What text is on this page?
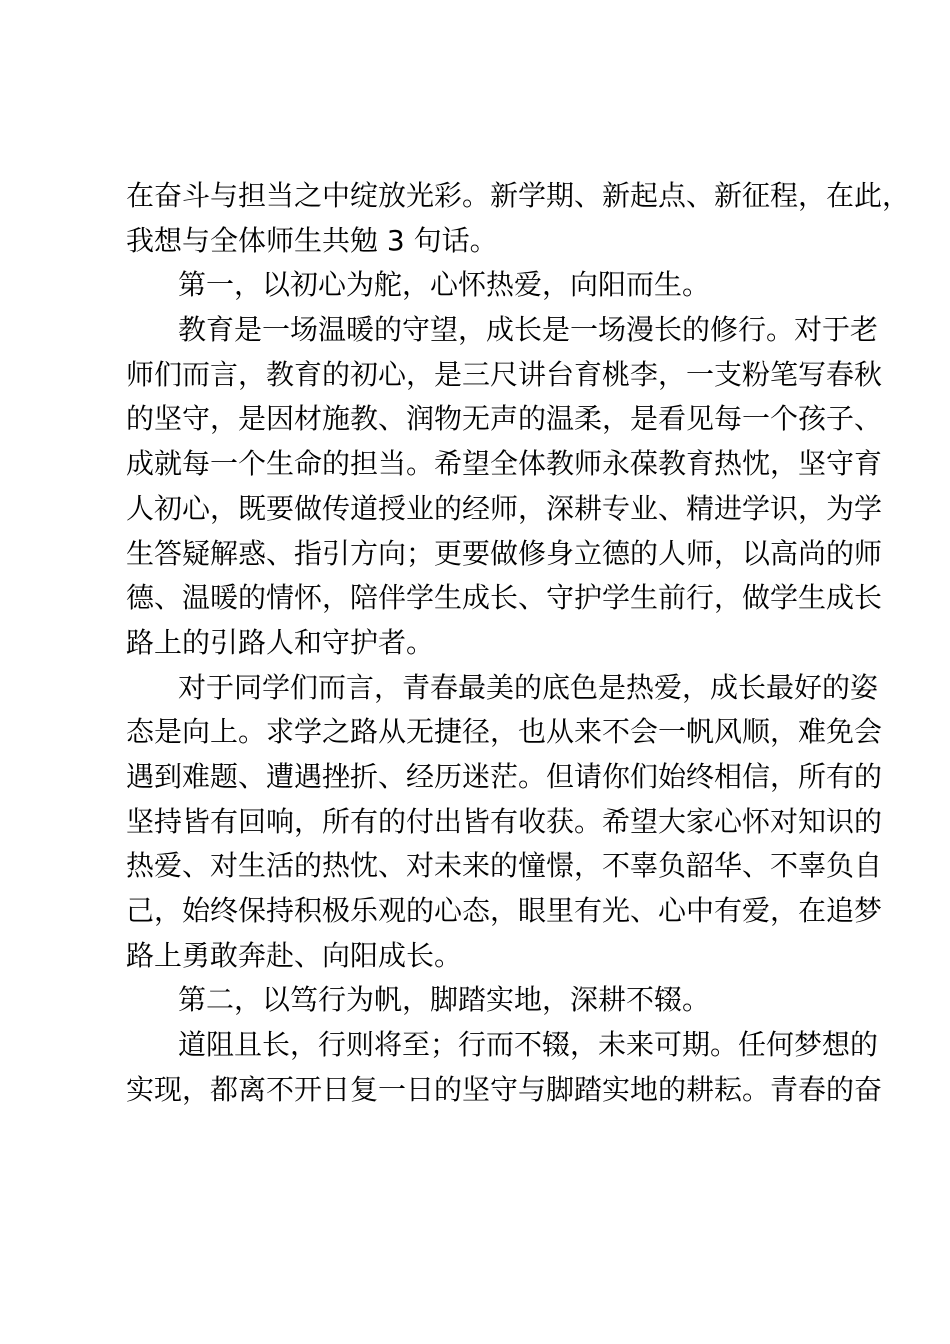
在奋斗与担当之中绽放光彩。新学期、新起点、新征程，在此，
我想与全体师生共勉 3 句话。
第一，以初心为舵，心怀热爱，向阳而生。
教育是一场温暖的守望，成长是一场漫长的修行。对于老
师们而言，教育的初心，是三尺讲台育桃李，一支粉笔写春秋
的坚守，是因材施教、润物无声的温柔，是看见每一个孩子、
成就每一个生命的担当。希望全体教师永葆教育热忱，坚守育
人初心，既要做传道授业的经师，深耕专业、精进学识，为学
生答疑解惑、指引方向；更要做修身立德的人师，以高尚的师
德、温暖的情怀，陪伴学生成长、守护学生前行，做学生成长
路上的引路人和守护者。
对于同学们而言，青春最美的底色是热爱，成长最好的姿
态是向上。求学之路从无捷径，也从来不会一帆风顺，难免会
遇到难题、遭遇挫折、经历迷茫。但请你们始终相信，所有的
坚持皆有回响，所有的付出皆有收获。希望大家心怀对知识的
热爱、对生活的热忱、对未来的憧憬，不辜负韶华、不辜负自
己，始终保持积极乐观的心态，眼里有光、心中有爱，在追梦
路上勇敢奔赴、向阳成长。
第二，以笃行为帆，脚踏实地，深耕不辍。
道阻且长，行则将至；行而不辍，未来可期。任何梦想的
实现，都离不开日复一日的坚守与脚踏实地的耕耘。青春的奋
